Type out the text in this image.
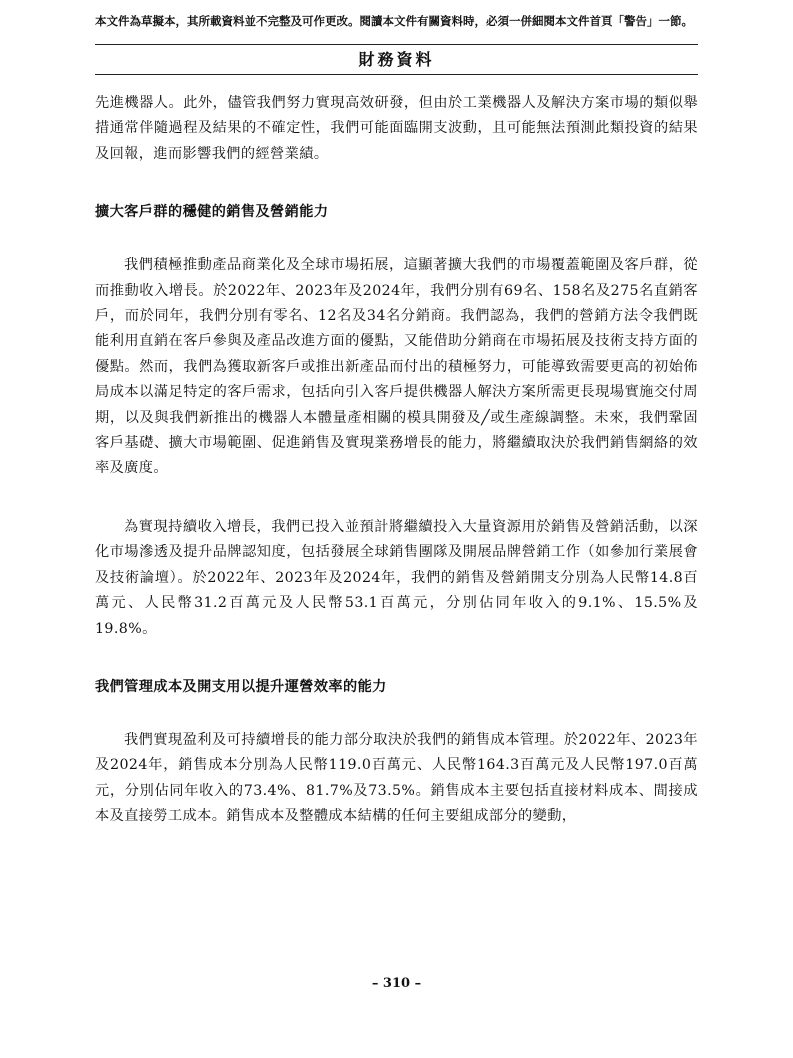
本文件為草擬本，其所載資料並不完整及可作更改。閱讀本文件有關資料時，必須一併細閱本文件首頁「警告」一節。
財務資料

先進機器人。此外，儘管我們努力實現高效研發，但由於工業機器人及解決方案市場的類似舉措通常伴隨過程及結果的不確定性，我們可能面臨開支波動，且可能無法預測此類投資的結果及回報，進而影響我們的經營業績。

擴大客戶群的穩健的銷售及營銷能力

我們積極推動產品商業化及全球市場拓展，這顯著擴大我們的市場覆蓋範圍及客戶群，從而推動收入增長。於2022年、2023年及2024年，我們分別有69名、158名及275名直銷客戶，而於同年，我們分別有零名、12名及34名分銷商。我們認為，我們的營銷方法令我們既能利用直銷在客戶參與及產品改進方面的優點，又能借助分銷商在市場拓展及技術支持方面的優點。然而，我們為獲取新客戶或推出新產品而付出的積極努力，可能導致需要更高的初始佈局成本以滿足特定的客戶需求，包括向引入客戶提供機器人解決方案所需更長現場實施交付周期，以及與我們新推出的機器人本體量產相關的模具開發及╱或生產線調整。未來，我們鞏固客戶基礎、擴大市場範圍、促進銷售及實現業務增長的能力，將繼續取決於我們銷售網絡的效率及廣度。

為實現持續收入增長，我們已投入並預計將繼續投入大量資源用於銷售及營銷活動，以深化市場滲透及提升品牌認知度，包括發展全球銷售團隊及開展品牌營銷工作（如參加行業展會及技術論壇）。於2022年、2023年及2024年，我們的銷售及營銷開支分別為人民幣14.8百萬元、人民幣31.2百萬元及人民幣53.1百萬元，分別佔同年收入的9.1%、15.5%及19.8%。

我們管理成本及開支用以提升運營效率的能力

我們實現盈利及可持續增長的能力部分取決於我們的銷售成本管理。於2022年、2023年及2024年，銷售成本分別為人民幣119.0百萬元、人民幣164.3百萬元及人民幣197.0百萬元，分別佔同年收入的73.4%、81.7%及73.5%。銷售成本主要包括直接材料成本、間接成本及直接勞工成本。銷售成本及整體成本結構的任何主要組成部分的變動，

– 310 –
